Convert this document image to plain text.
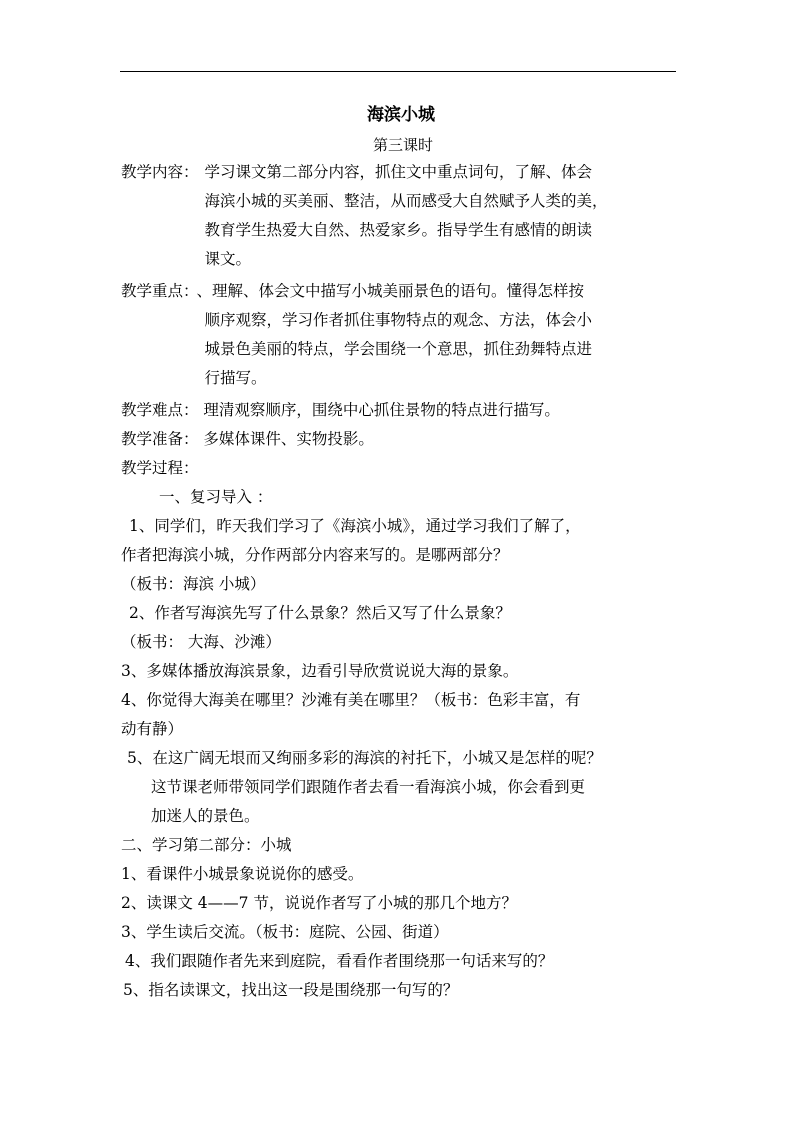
海滨小城
第三课时
教学内容： 学习课文第二部分内容，抓住文中重点词句，了解、体会
海滨小城的买美丽、整洁，从而感受大自然赋予人类的美，
教育学生热爱大自然、热爱家乡。指导学生有感情的朗读
课文。
教学重点：
、理解、体会文中描写小城美丽景色的语句。懂得怎样按
顺序观察，学习作者抓住事物特点的观念、方法，体会小
城景色美丽的特点，学会围绕一个意思，抓住劲舞特点进
行描写。
教学难点： 理清观察顺序，围绕中心抓住景物的特点进行描写。
教学准备： 多媒体课件、实物投影。
教学过程：
一、复习导入 ：
1、同学们，昨天我们学习了《海滨小城》，通过学习我们了解了，
作者把海滨小城，分作两部分内容来写的。是哪两部分？
（板书：海滨 小城）
2、作者写海滨先写了什么景象？然后又写了什么景象？
（板书： 大海、沙滩）
3、多媒体播放海滨景象，边看引导欣赏说说大海的景象。
4、你觉得大海美在哪里？沙滩有美在哪里？（板书：色彩丰富，有
动有静）
5、在这广阔无垠而又绚丽多彩的海滨的衬托下，小城又是怎样的呢？
这节课老师带领同学们跟随作者去看一看海滨小城，你会看到更
加迷人的景色。
二、学习第二部分：小城
1、看课件小城景象说说你的感受。
2、读课文 4——7 节，说说作者写了小城的那几个地方？
3、学生读后交流。（板书：庭院、公园、街道）
4、我们跟随作者先来到庭院，看看作者围绕那一句话来写的？
5、指名读课文，找出这一段是围绕那一句写的？
